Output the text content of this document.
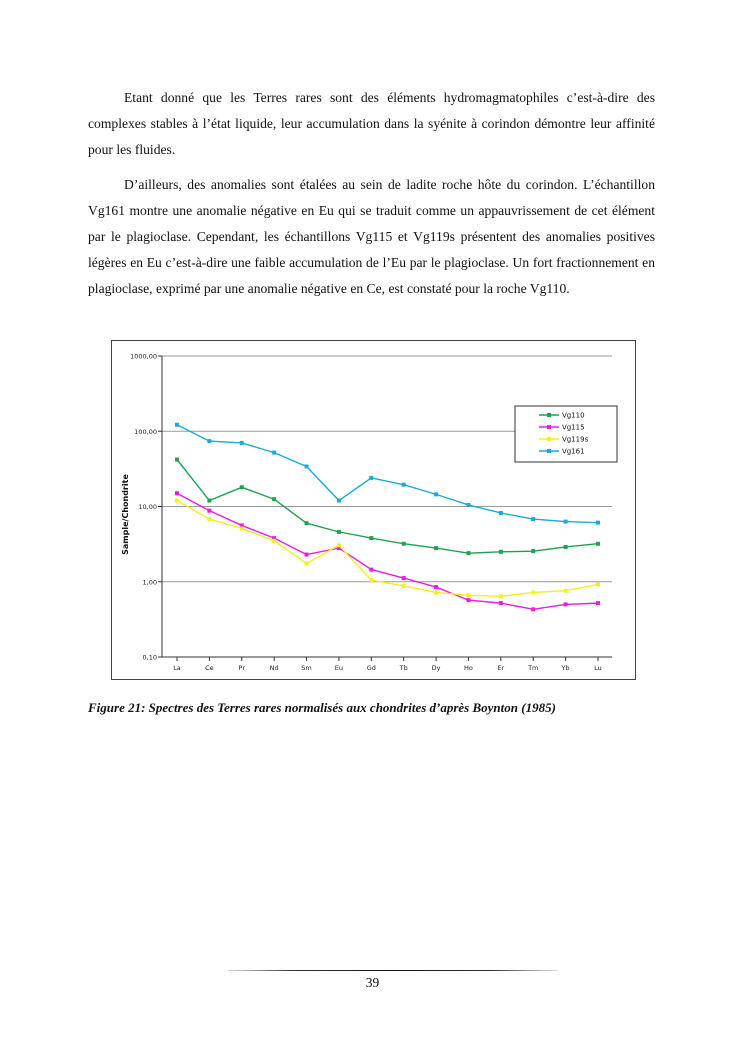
Etant donné que les Terres rares sont des éléments hydromagmatophiles c’est-à-dire des complexes stables à l’état liquide, leur accumulation dans la syénite à corindon démontre leur affinité pour les fluides.

D’ailleurs, des anomalies sont étalées au sein de ladite roche hôte du corindon. L’échantillon Vg161 montre une anomalie négative en Eu qui se traduit comme un appauvrissement de cet élément par le plagioclase. Cependant, les échantillons Vg115 et Vg119s présentent des anomalies positives légères en Eu c’est-à-dire une faible accumulation de l’Eu par le plagioclase. Un fort fractionnement en plagioclase, exprimé par une anomalie négative en Ce, est constaté pour la roche Vg110.

1000,00
100,00
10,00
1,00
0,10
La	Ce	Pr	Nd	Sm	Eu	Gd	Tb	Dy	Ho	Er	Tm	Yb	Lu
Sample/Chondrite
Vg110
Vg115
Vg119s
Vg161

Figure 21: Spectres des Terres rares normalisés aux chondrites d’après Boynton (1985)

39
